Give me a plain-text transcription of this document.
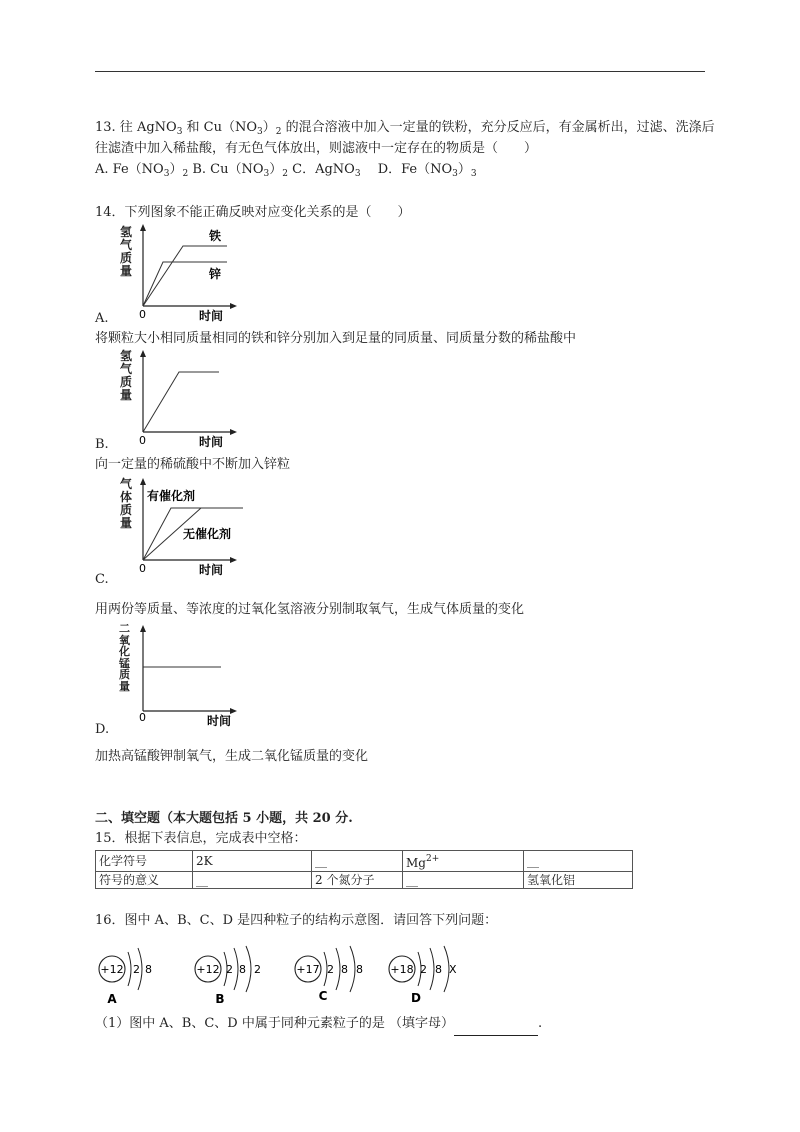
13. 往 AgNO$_3$ 和 $Cu(NO_3)_2$ 的混合溶液中加入一定量的铁粉，充分反应后，有金属析出，过滤、洗涤后
往滤渣中加入稀盐酸，有无色气体放出，则滤液中一定存在的物质是（　　）
A. $Fe(NO_3)_2$ B. $Cu(NO_3)_2$ C．AgNO$_3$ 　D．$Fe(NO_3)_3$
14．下列图象不能正确反映对应变化关系的是（　　）
铁
锌
0	时间
氢气质量
A.
将颗粒大小相同质量相同的铁和锌分别加入到足量的同质量、同质量分数的稀盐酸中
0	时间
氢气质量
B.
向一定量的稀硫酸中不断加入锌粒
有催化剂
无催化剂
0	时间
气体质量
C.
用两份等质量、等浓度的过氧化氢溶液分别制取氧气，生成气体质量的变化
0	时间
二氧化锰质量
D.
加热高锰酸钾制氧气，生成二氧化锰质量的变化
二、填空题（本大题包括 5 小题，共 20 分.
15．根据下表信息，完成表中空格：
化学符号	2K	__	$Mg^{2+}$	__
符号的意义	__	2 个氮分子	__	氢氧化铝
16．图中 A、B、C、D 是四种粒子的结构示意图．请回答下列问题：
+12 2 8
A
+12 2 8 2
B
+17 2 8 8
C
+18 2 8 X
D
（1）图中 A、B、C、D 中属于同种元素粒子的是 （填字母）	.
